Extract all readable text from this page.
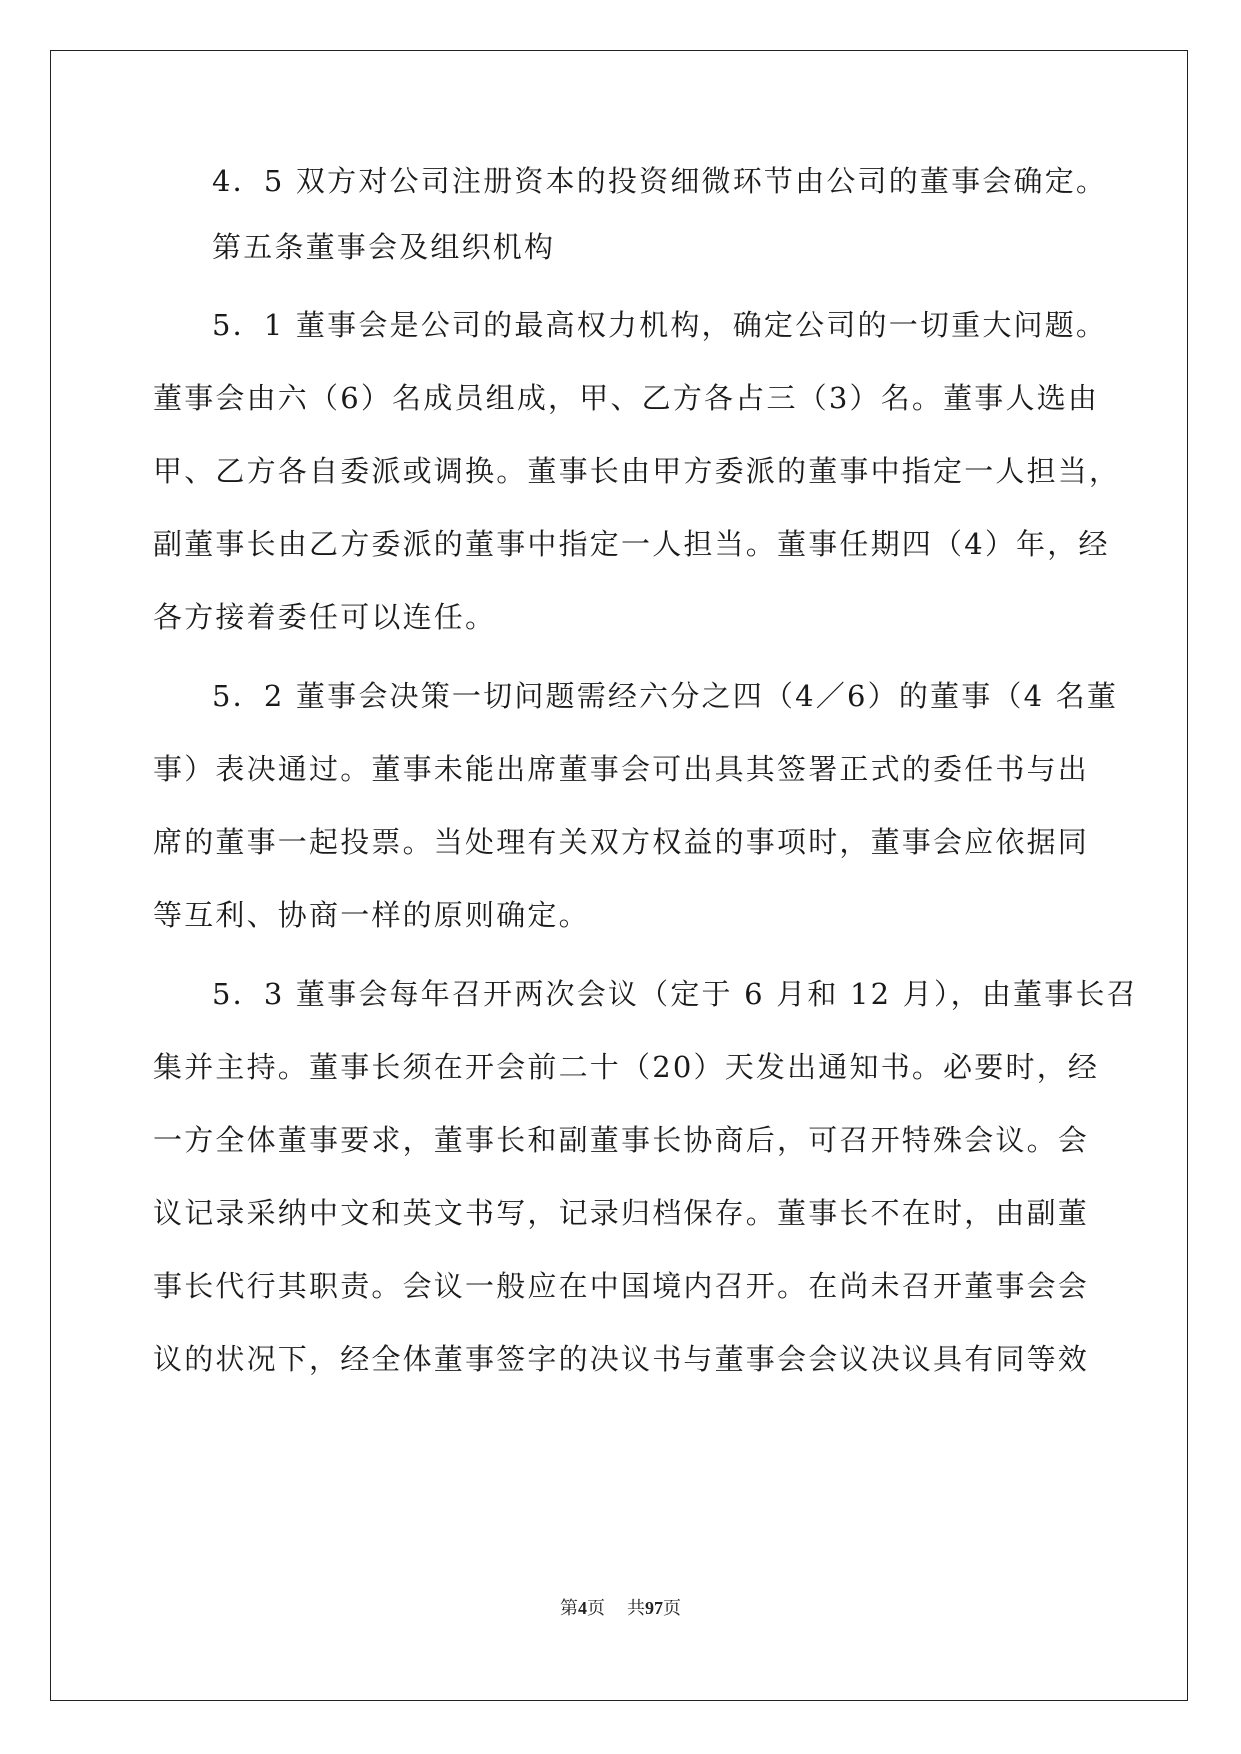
4．5 双方对公司注册资本的投资细微环节由公司的董事会确定。
第五条董事会及组织机构
5．1 董事会是公司的最高权力机构，确定公司的一切重大问题。
董事会由六（6）名成员组成，甲、乙方各占三（3）名。董事人选由
甲、乙方各自委派或调换。董事长由甲方委派的董事中指定一人担当，
副董事长由乙方委派的董事中指定一人担当。董事任期四（4）年，经
各方接着委任可以连任。
5．2 董事会决策一切问题需经六分之四（4／6）的董事（4 名董
事）表决通过。董事未能出席董事会可出具其签署正式的委任书与出
席的董事一起投票。当处理有关双方权益的事项时，董事会应依据同
等互利、协商一样的原则确定。
5．3 董事会每年召开两次会议（定于 6 月和 12 月），由董事长召
集并主持。董事长须在开会前二十（20）天发出通知书。必要时，经
一方全体董事要求，董事长和副董事长协商后，可召开特殊会议。会
议记录采纳中文和英文书写，记录归档保存。董事长不在时，由副董
事长代行其职责。会议一般应在中国境内召开。在尚未召开董事会会
议的状况下，经全体董事签字的决议书与董事会会议决议具有同等效
第4页 共97页
